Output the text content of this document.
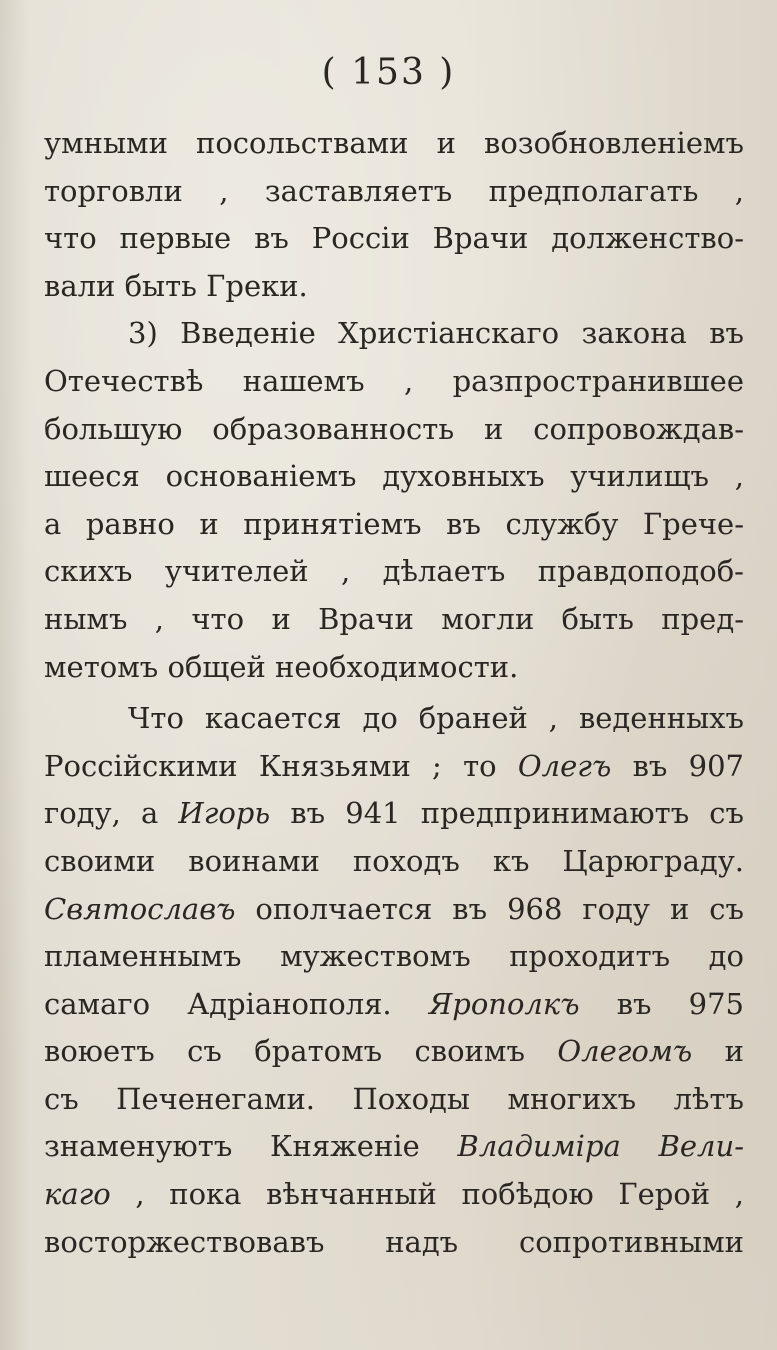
( 153 )
умными посольствами и возобновленіемъ
торговли , заставляетъ предполагать ,
что первые въ Россіи Врачи долженство-
вали быть Греки.
3) Введеніе Христіанскаго закона въ
Отечествѣ нашемъ , разпространившее
большую образованность и сопровождав-
шееся основаніемъ духовныхъ училищъ ,
а равно и принятіемъ въ службу Грече-
скихъ учителей , дѣлаетъ правдоподоб-
нымъ , что и Врачи могли быть пред-
метомъ общей необходимости.
Что касается до браней , веденныхъ
Россійскими Князьями ; то Олегъ въ 907
году, а Игорь въ 941 предпринимаютъ съ
своими воинами походъ къ Царюграду.
Святославъ ополчается въ 968 году и съ
пламеннымъ мужествомъ проходитъ до
самаго Адріанополя. Ярополкъ въ 975
воюетъ съ братомъ своимъ Олегомъ и
съ Печенегами. Походы многихъ лѣтъ
знаменуютъ Княженіе Владиміра Вели-
каго , пока вѣнчанный побѣдою Герой ,
восторжествовавъ надъ сопротивными
